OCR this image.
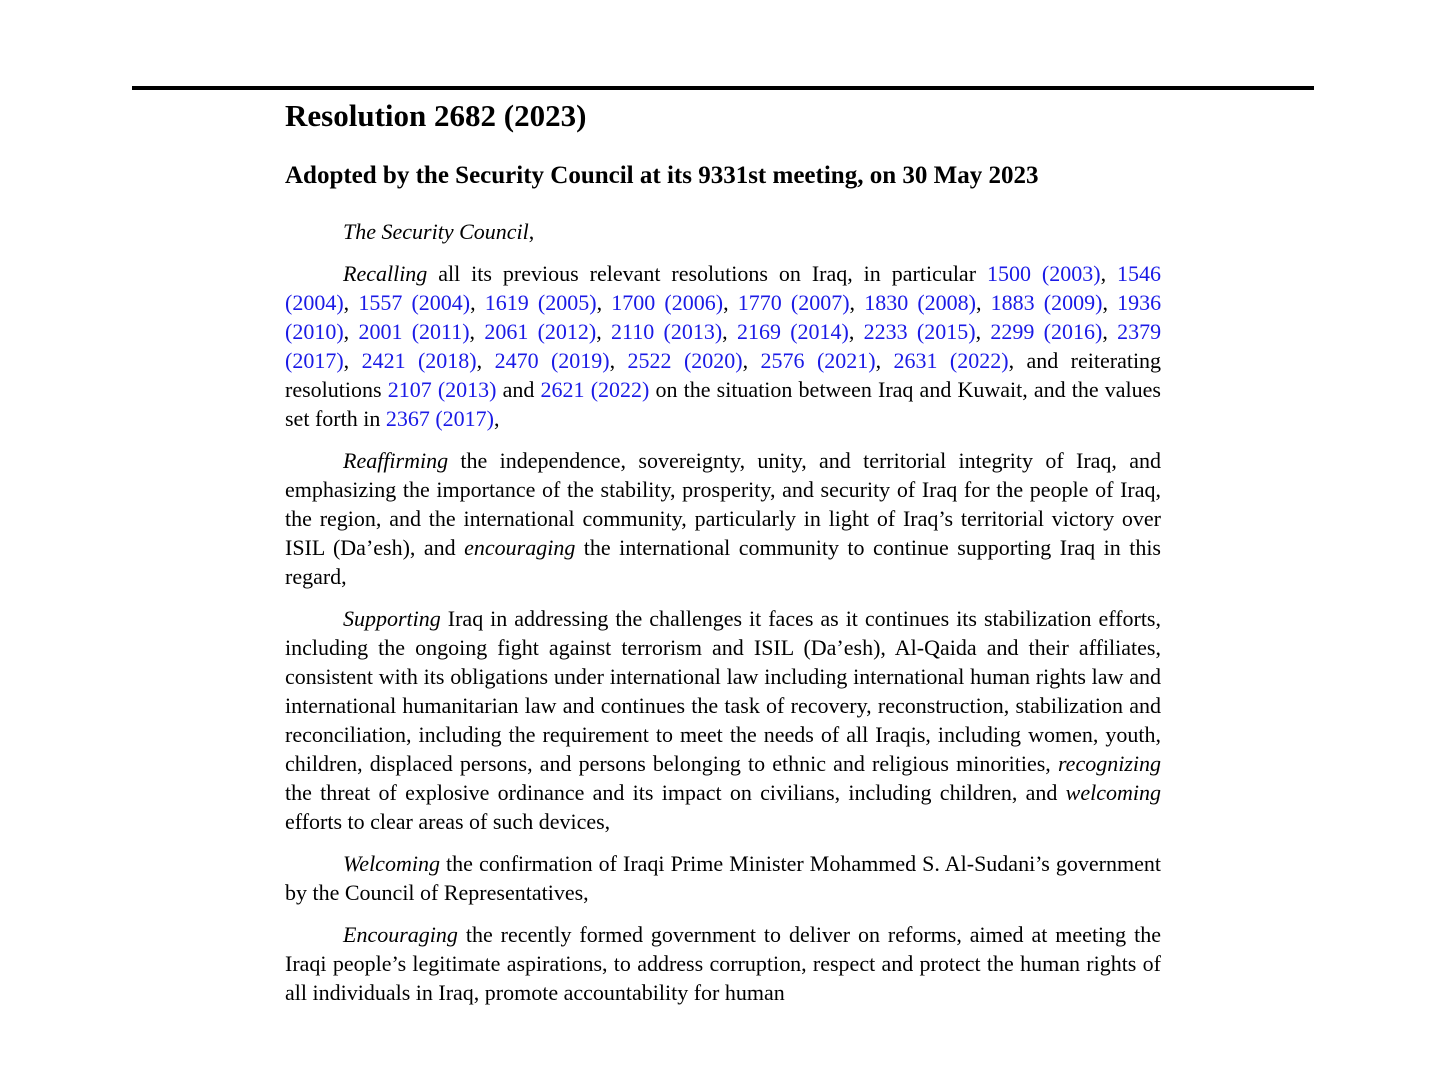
Resolution 2682 (2023)
Adopted by the Security Council at its 9331st meeting, on 30 May 2023

The Security Council,

Recalling all its previous relevant resolutions on Iraq, in particular 1500 (2003), 1546 (2004), 1557 (2004), 1619 (2005), 1700 (2006), 1770 (2007), 1830 (2008), 1883 (2009), 1936 (2010), 2001 (2011), 2061 (2012), 2110 (2013), 2169 (2014), 2233 (2015), 2299 (2016), 2379 (2017), 2421 (2018), 2470 (2019), 2522 (2020), 2576 (2021), 2631 (2022), and reiterating resolutions 2107 (2013) and 2621 (2022) on the situation between Iraq and Kuwait, and the values set forth in 2367 (2017),

Reaffirming the independence, sovereignty, unity, and territorial integrity of Iraq, and emphasizing the importance of the stability, prosperity, and security of Iraq for the people of Iraq, the region, and the international community, particularly in light of Iraq’s territorial victory over ISIL (Da’esh), and encouraging the international community to continue supporting Iraq in this regard,

Supporting Iraq in addressing the challenges it faces as it continues its stabilization efforts, including the ongoing fight against terrorism and ISIL (Da’esh), Al-Qaida and their affiliates, consistent with its obligations under international law including international human rights law and international humanitarian law and continues the task of recovery, reconstruction, stabilization and reconciliation, including the requirement to meet the needs of all Iraqis, including women, youth, children, displaced persons, and persons belonging to ethnic and religious minorities, recognizing the threat of explosive ordinance and its impact on civilians, including children, and welcoming efforts to clear areas of such devices,

Welcoming the confirmation of Iraqi Prime Minister Mohammed S. Al-Sudani’s government by the Council of Representatives,

Encouraging the recently formed government to deliver on reforms, aimed at meeting the Iraqi people’s legitimate aspirations, to address corruption, respect and protect the human rights of all individuals in Iraq, promote accountability for human
